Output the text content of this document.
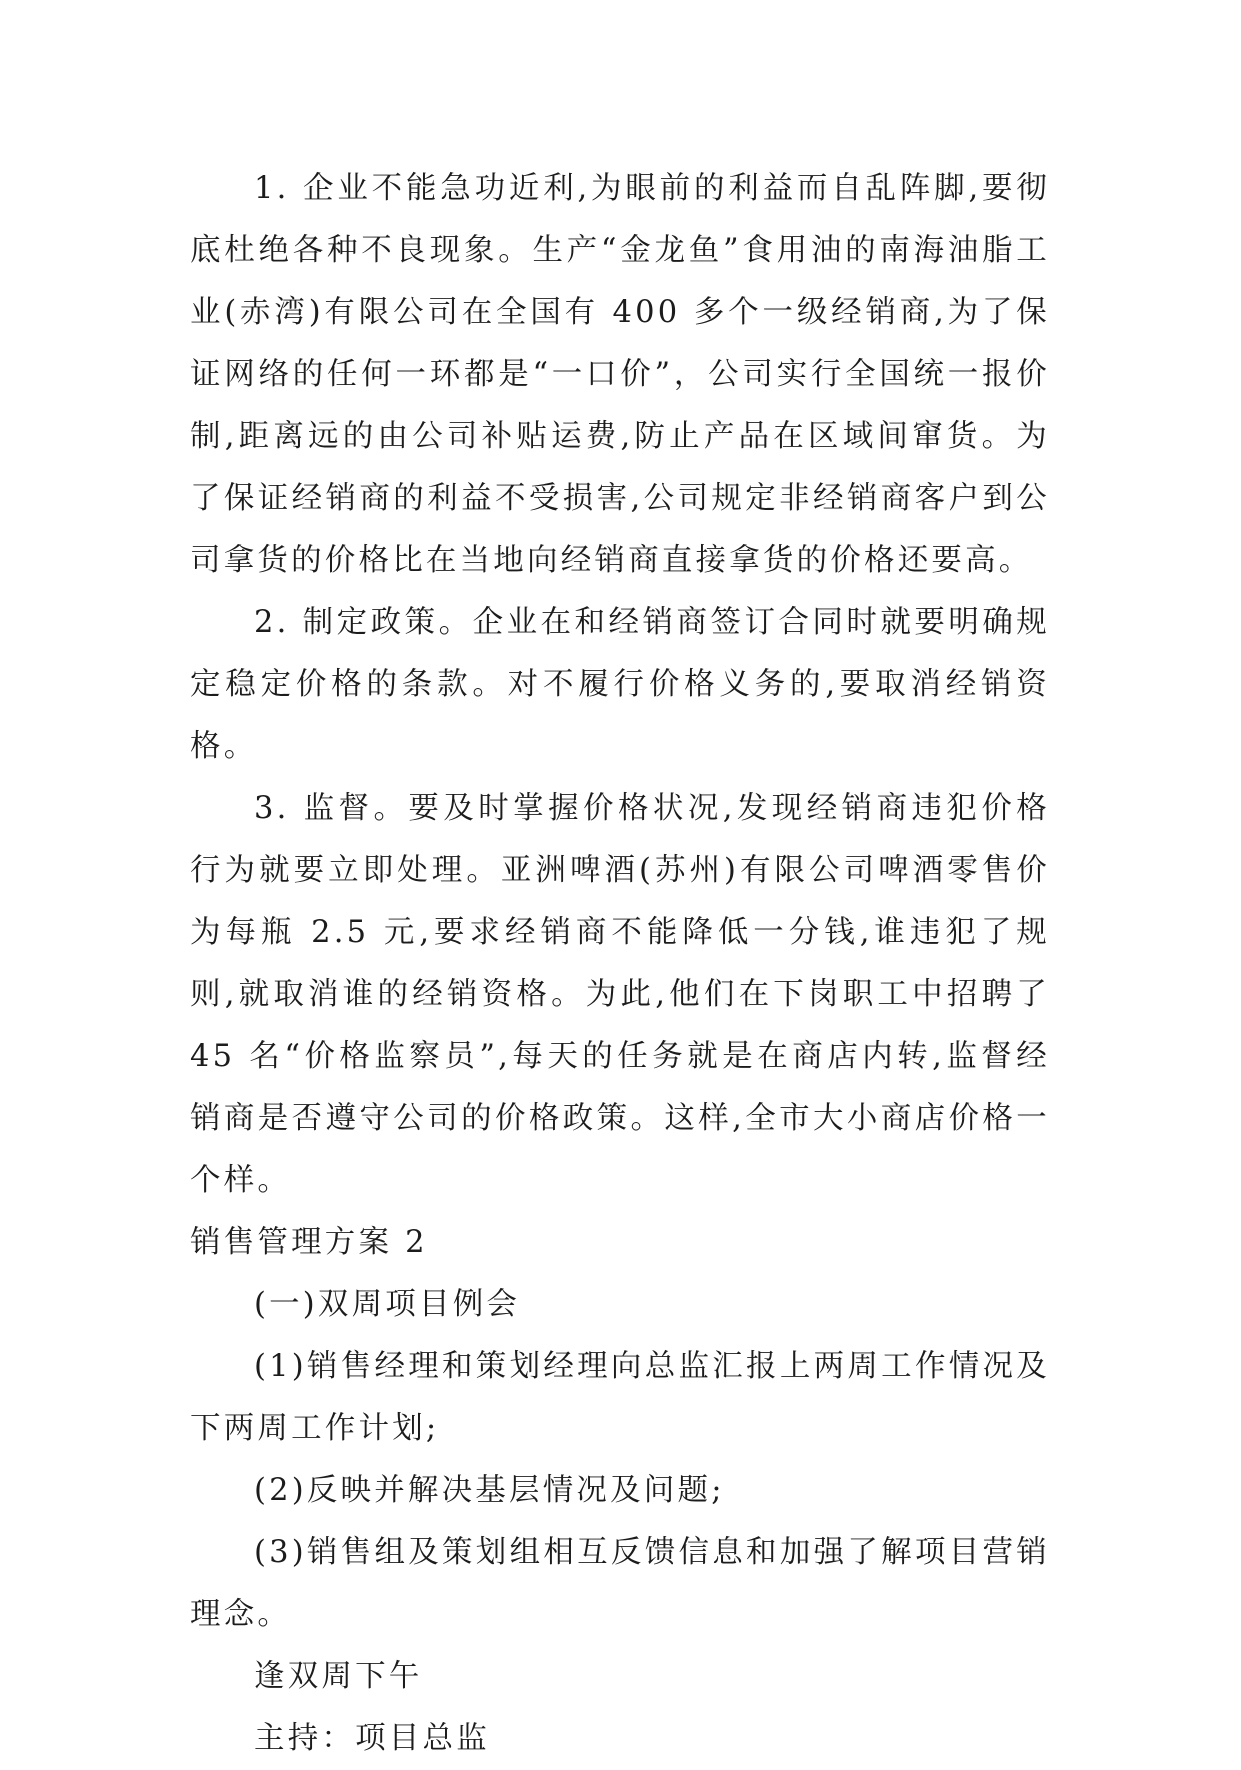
1. 企业不能急功近利,为眼前的利益而自乱阵脚,要彻底杜绝各种不良现象。生产“金龙鱼”食用油的南海油脂工业(赤湾)有限公司在全国有 400 多个一级经销商,为了保证网络的任何一环都是“一口价”，公司实行全国统一报价制,距离远的由公司补贴运费,防止产品在区域间窜货。为了保证经销商的利益不受损害,公司规定非经销商客户到公司拿货的价格比在当地向经销商直接拿货的价格还要高。

2. 制定政策。企业在和经销商签订合同时就要明确规定稳定价格的条款。对不履行价格义务的,要取消经销资格。

3. 监督。要及时掌握价格状况,发现经销商违犯价格行为就要立即处理。亚洲啤酒(苏州)有限公司啤酒零售价为每瓶 2.5 元,要求经销商不能降低一分钱,谁违犯了规则,就取消谁的经销资格。为此,他们在下岗职工中招聘了 45 名“价格监察员”,每天的任务就是在商店内转,监督经销商是否遵守公司的价格政策。这样,全市大小商店价格一个样。

销售管理方案 2

(一)双周项目例会

(1)销售经理和策划经理向总监汇报上两周工作情况及下两周工作计划;

(2)反映并解决基层情况及问题;

(3)销售组及策划组相互反馈信息和加强了解项目营销理念。

逢双周下午

主持：项目总监
